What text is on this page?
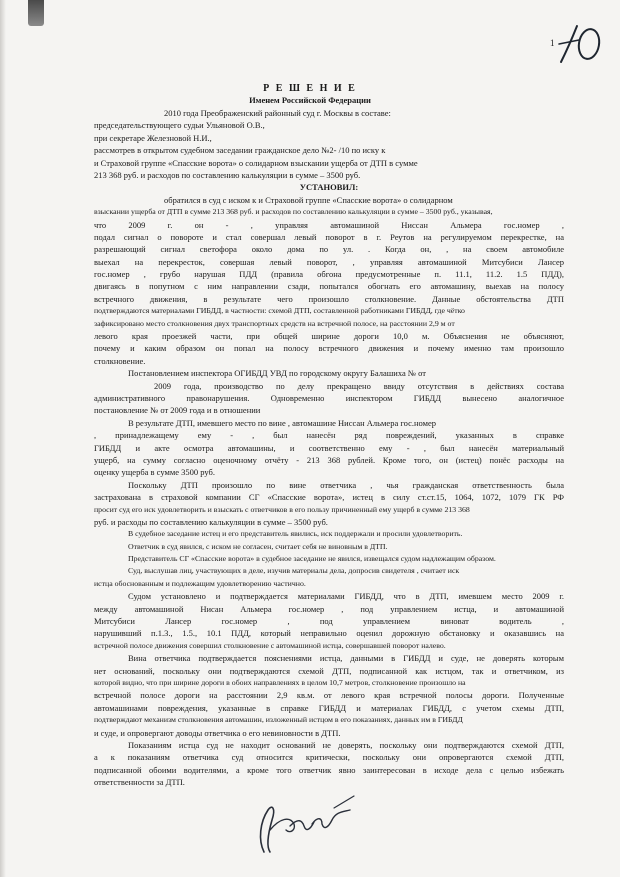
1
Р Е Ш Е Н И Е
Именем Российской Федерации
2010 года Преображенский районный суд г. Москвы в составе:
председательствующего судьи Ульяновой О.В.,
при секретаре Железновой Н.И.,
рассмотрев в открытом судебном заседании гражданское дело №2- /10 по иску к
и Страховой группе «Спасские ворота» о солидарном взыскании ущерба от ДТП в сумме
213 368 руб. и расходов по составлению калькуляции в сумме – 3500 руб.
УСТАНОВИЛ:
обратился в суд с иском к и Страховой группе «Спасские ворота» о солидарном
взыскании ущерба от ДТП в сумме 213 368 руб. и расходов по составлению калькуляции в сумме – 3500 руб., указывая,
что 2009 г. он - , управляя автомашиной Ниссан Альмера гос.номер ,
подал сигнал о повороте и стал совершал левый поворот в г. Реутов на регулируемом перекрестке, на
разрешающий сигнал светофора около дома по ул. . Когда он, , на своем автомобиле
выехал на перекресток, совершая левый поворот, , управляя автомашиной Митсубиси Лансер
гос.номер , грубо нарушая ПДД (правила обгона предусмотренные п. 11.1, 11.2. 1.5 ПДД),
двигаясь в попутном с ним направлении сзади, попытался обогнать его автомашину, выехав на полосу
встречного движения, в результате чего произошло столкновение. Данные обстоятельства ДТП
подтверждаются материалами ГИБДД, в частности: схемой ДТП, составленной работниками ГИБДД, где чётко
зафиксировано место столкновения двух транспортных средств на встречной полосе, на расстоянии 2,9 м от
левого края проезжей части, при общей ширине дороги 10,0 м. Объяснения не объясняют,
почему и каким образом он попал на полосу встречного движения и почему именно там произошло
столкновение.
Постановлением инспектора ОГИБДД УВД по городскому округу Балашиха № от
2009 года, производство по делу прекращено ввиду отсутствия в действиях состава
административного правонарушения. Одновременно инспектором ГИБДД вынесено аналогичное
постановление № от 2009 года и в отношении
В результате ДТП, имевшего место по вине , автомашине Ниссан Альмера гос.номер
, принадлежащему ему - , был нанесён ряд повреждений, указанных в справке
ГИБДД и акте осмотра автомашины, и соответственно ему - , был нанесён материальный
ущерб, на сумму согласно оценочному отчёту - 213 368 рублей. Кроме того, он (истец) понёс расходы на
оценку ущерба в сумме 3500 руб.
Поскольку ДТП произошло по вине ответчика , чья гражданская ответственность была
застрахована в страховой компании СГ «Спасские ворота», истец в силу ст.ст.15, 1064, 1072, 1079 ГК РФ
просит суд его иск удовлетворить и взыскать с ответчиков в его пользу причиненный ему ущерб в сумме 213 368
руб. и расходы по составлению калькуляции в сумме – 3500 руб.
В судебное заседание истец и его представитель явились, иск поддержали и просили удовлетворить.
Ответчик в суд явился, с иском не согласен, считает себя не виновным в ДТП.
Представитель СГ «Спасские ворота» в судебное заседание не явился, извещался судом надлежащим образом.
Суд, выслушав лиц, участвующих в деле, изучив материалы дела, допросив свидетеля , считает иск
истца обоснованным и подлежащим удовлетворению частично.
Судом установлено и подтверждается материалами ГИБДД, что в ДТП, имевшем место 2009 г.
между автомашиной Нисан Альмера гос.номер , под управлением истца, и автомашиной
Митсубиси Лансер гос.номер , под управлением виноват водитель ,
нарушивший п.1.3., 1.5., 10.1 ПДД, который неправильно оценил дорожную обстановку и оказавшись на
встречной полосе движения совершил столкновение с автомашиной истца, совершавшей поворот налево.
Вина ответчика подтверждается пояснениями истца, данными в ГИБДД и суде, не доверять которым
нет оснований, поскольку они подтверждаются схемой ДТП, подписанной как истцом, так и ответчиком, из
которой видно, что при ширине дороги в обоих направлениях в целом 10,7 метров, столкновение произошло на
встречной полосе дороги на расстоянии 2,9 кв.м. от левого края встречной полосы дороги. Полученные
автомашинами повреждения, указанные в справке ГИБДД и материалах ГИБДД, с учетом схемы ДТП,
подтверждают механизм столкновения автомашин, изложенный истцом в его показаниях, данных им в ГИБДД
и суде, и опровергают доводы ответчика о его невиновности в ДТП.
Показаниям истца суд не находит оснований не доверять, поскольку они подтверждаются схемой ДТП,
а к показаниям ответчика суд относится критически, поскольку они опровергаются схемой ДТП,
подписанной обоими водителями, а кроме того ответчик явно заинтересован в исходе дела с целью избежать
ответственности за ДТП.
